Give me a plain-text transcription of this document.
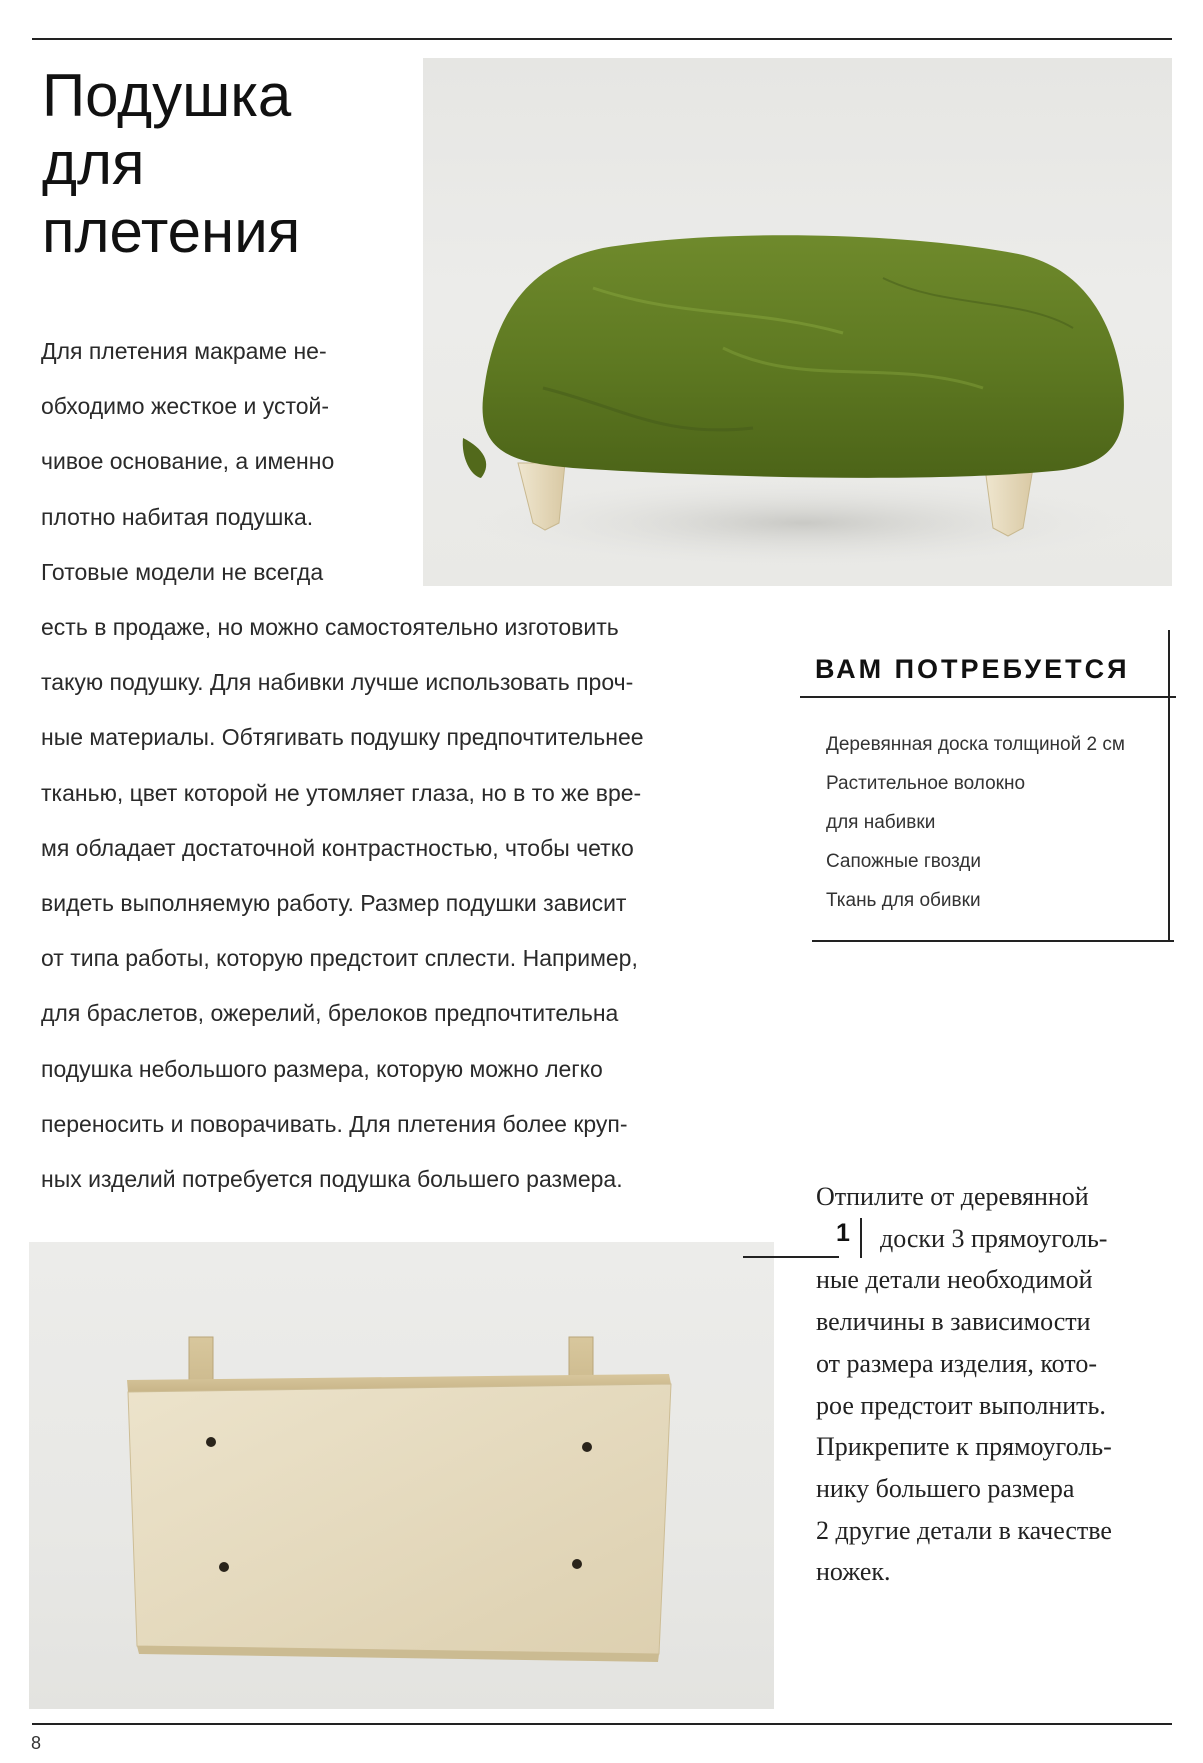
Подушка
для
плетения
Для плетения макраме не-
обходимо жесткое и устой-
чивое основание, а именно
плотно набитая подушка.
Готовые модели не всегда
есть в продаже, но можно самостоятельно изготовить
такую подушку. Для набивки лучше использовать проч-
ные материалы. Обтягивать подушку предпочтительнее
тканью, цвет которой не утомляет глаза, но в то же вре-
мя обладает достаточной контрастностью, чтобы четко
видеть выполняемую работу. Размер подушки зависит
от типа работы, которую предстоит сплести. Например,
для браслетов, ожерелий, брелоков предпочтительна
подушка небольшого размера, которую можно легко
переносить и поворачивать. Для плетения более круп-
ных изделий потребуется подушка большего размера.
ВАМ ПОТРЕБУЕТСЯ
Деревянная доска толщиной 2 см
Растительное волокно
для набивки
Сапожные гвозди
Ткань для обивки
1
Отпилите от деревянной
доски 3 прямоуголь-
ные детали необходимой
величины в зависимости
от размера изделия, кото-
рое предстоит выполнить.
Прикрепите к прямоуголь-
нику большего размера
2 другие детали в качестве
ножек.
8
